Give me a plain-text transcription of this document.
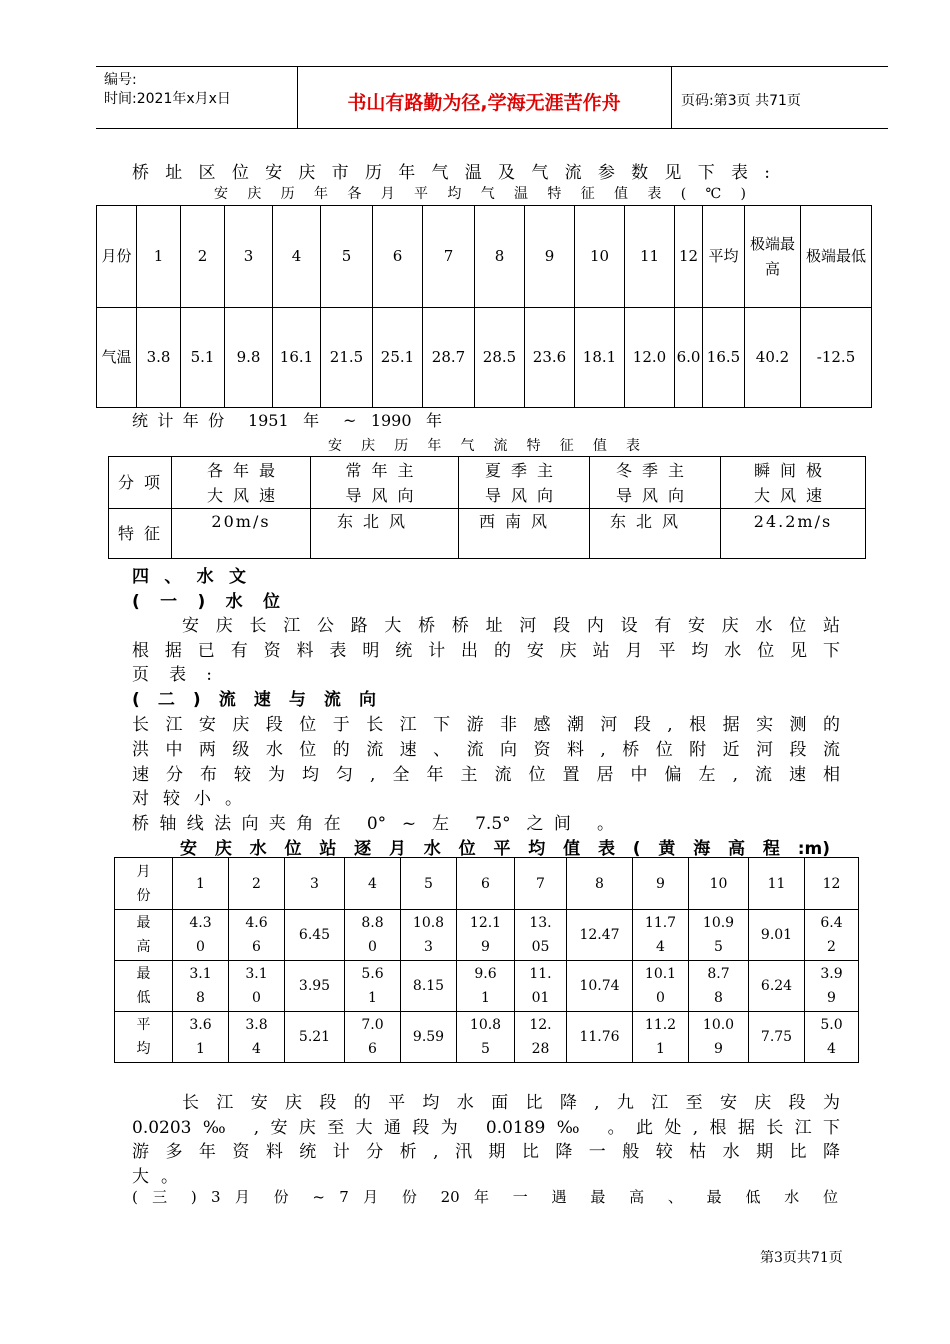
编号:
时间:2021年x月x日	书山有路勤为径,学海无涯苦作舟	页码:第3页 共71页
桥址区位安庆市历年气温及气流参数见下表:
安庆历年各月平均气温特征值表(℃)
月份	1	2	3	4	5	6	7	8	9	10	11	12	平均	极端最高	极端最低
气温	3.8	5.1	9.8	16.1	21.5	25.1	28.7	28.5	23.6	18.1	12.0	6.0	16.5	40.2	-12.5
统计年份 1951 年 ~ 1990 年
安庆历年气流特征值表
分项	各年最大风速	常年主导风向	夏季主导风向	冬季主导风向	瞬间极大风速
特征	20m/s	东北风	西南风	东北风	24.2m/s
四、水文
(一)水位
安庆长江公路大桥桥址河段内设有安庆水位站
根据已有资料表明统计出的安庆站月平均水位见下
页表:
(二)流速与流向
长江安庆段位于长江下游非感潮河段,根据实测的
洪中两级水位的流速、流向资料,桥位附近河段流
速分布较为均匀,全年主流位置居中偏左,流速相
对较小。
桥轴线法向夹角在 0° ~ 左 7.5° 之间 。
安庆水位站逐月水位平均值表(黄海高程:m)
月份	1	2	3	4	5	6	7	8	9	10	11	12
最高	4.30	4.66	6.45	8.80	10.83	12.19	13.05	12.47	11.74	10.95	9.01	6.42
最低	3.18	3.10	3.95	5.61	8.15	9.61	11.01	10.74	10.10	8.78	6.24	3.99
平均	3.61	3.84	5.21	7.06	9.59	10.85	12.28	11.76	11.21	10.09	7.75	5.04
长江安庆段的平均水面比降,九江至安庆段为
0.0203‰ ,安庆至大通段为 0.0189‰ 。此处,根据长江下
游多年资料统计分析,汛期比降一般较枯水期比降
大。
( 三 ) 3 月 份 ~ 7 月 份 20 年 一 遇 最 高 、 最 低 水 位
第3页共71页
